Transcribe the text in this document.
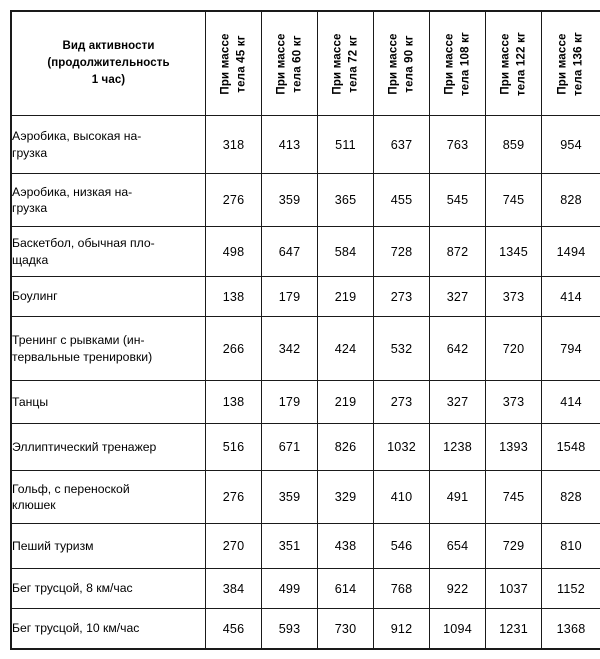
Вид активности
(продолжительность
1 час)	При массе тела 45 кг	При массе тела 60 кг	При массе тела 72 кг	При массе тела 90 кг	При массе тела 108 кг	При массе тела 122 кг	При массе тела 136 кг

Аэробика, высокая на-
грузка	318	413	511	637	763	859	954

Аэробика, низкая на-
грузка	276	359	365	455	545	745	828

Баскетбол, обычная пло-
щадка	498	647	584	728	872	1345	1494

Боулинг	138	179	219	273	327	373	414

Тренинг с рывками (ин-
тервальные тренировки)	266	342	424	532	642	720	794

Танцы	138	179	219	273	327	373	414

Эллиптический тренажер	516	671	826	1032	1238	1393	1548

Гольф, с переноской
клюшек	276	359	329	410	491	745	828

Пеший туризм	270	351	438	546	654	729	810

Бег трусцой, 8 км/час	384	499	614	768	922	1037	1152

Бег трусцой, 10 км/час	456	593	730	912	1094	1231	1368
